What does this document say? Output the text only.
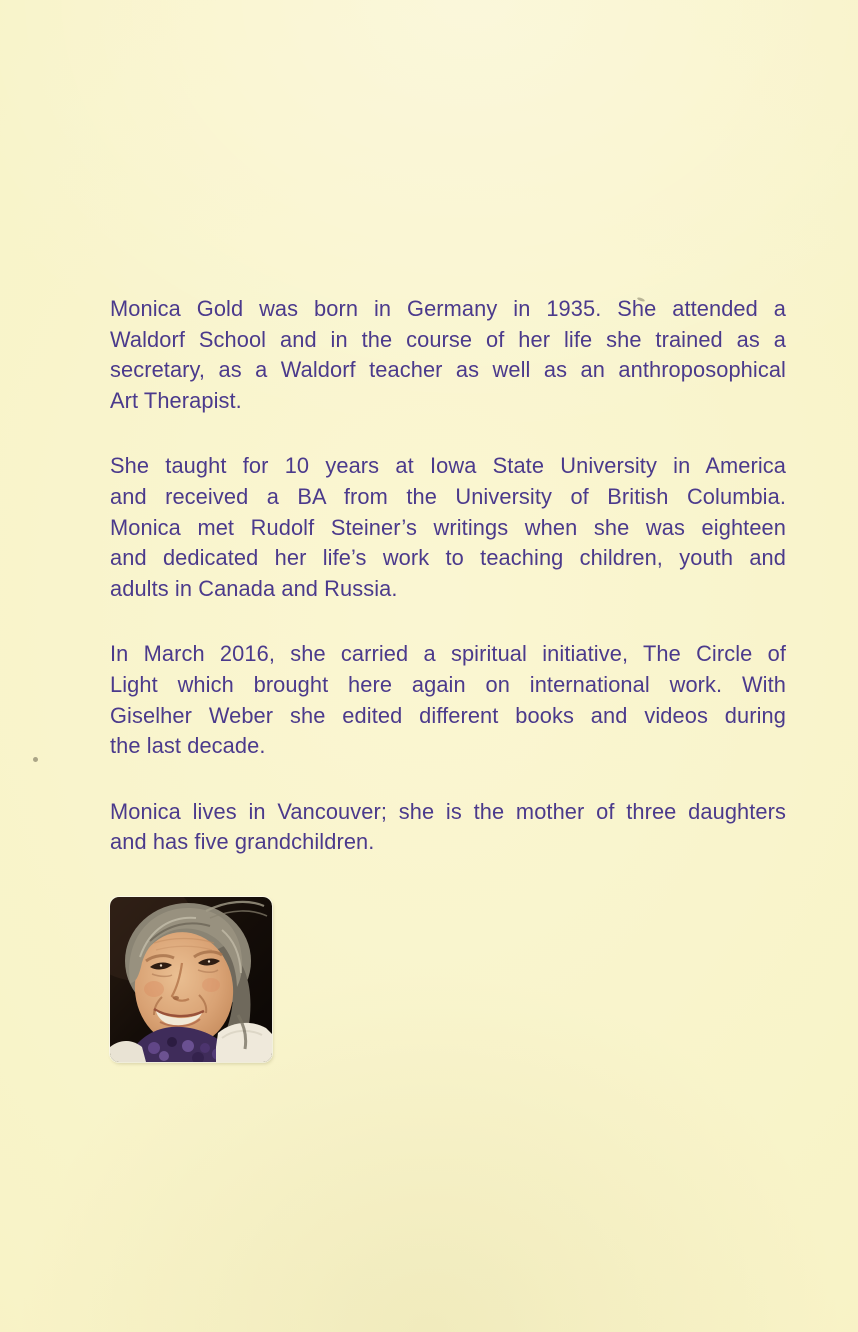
Monica Gold was born in Germany in 1935. She attended a
Waldorf School and in the course of her life she trained as a
secretary, as a Waldorf teacher as well as an anthroposophical
Art Therapist.
She taught for 10 years at Iowa State University in America
and received a BA from the University of British Columbia.
Monica met Rudolf Steiner’s writings when she was eighteen
and dedicated her life’s work to teaching children, youth and
adults in Canada and Russia.
In March 2016, she carried a spiritual initiative, The Circle of
Light which brought here again on international work. With
Giselher Weber she edited different books and videos during
the last decade.
Monica lives in Vancouver; she is the mother of three daughters
and has five grandchildren.
